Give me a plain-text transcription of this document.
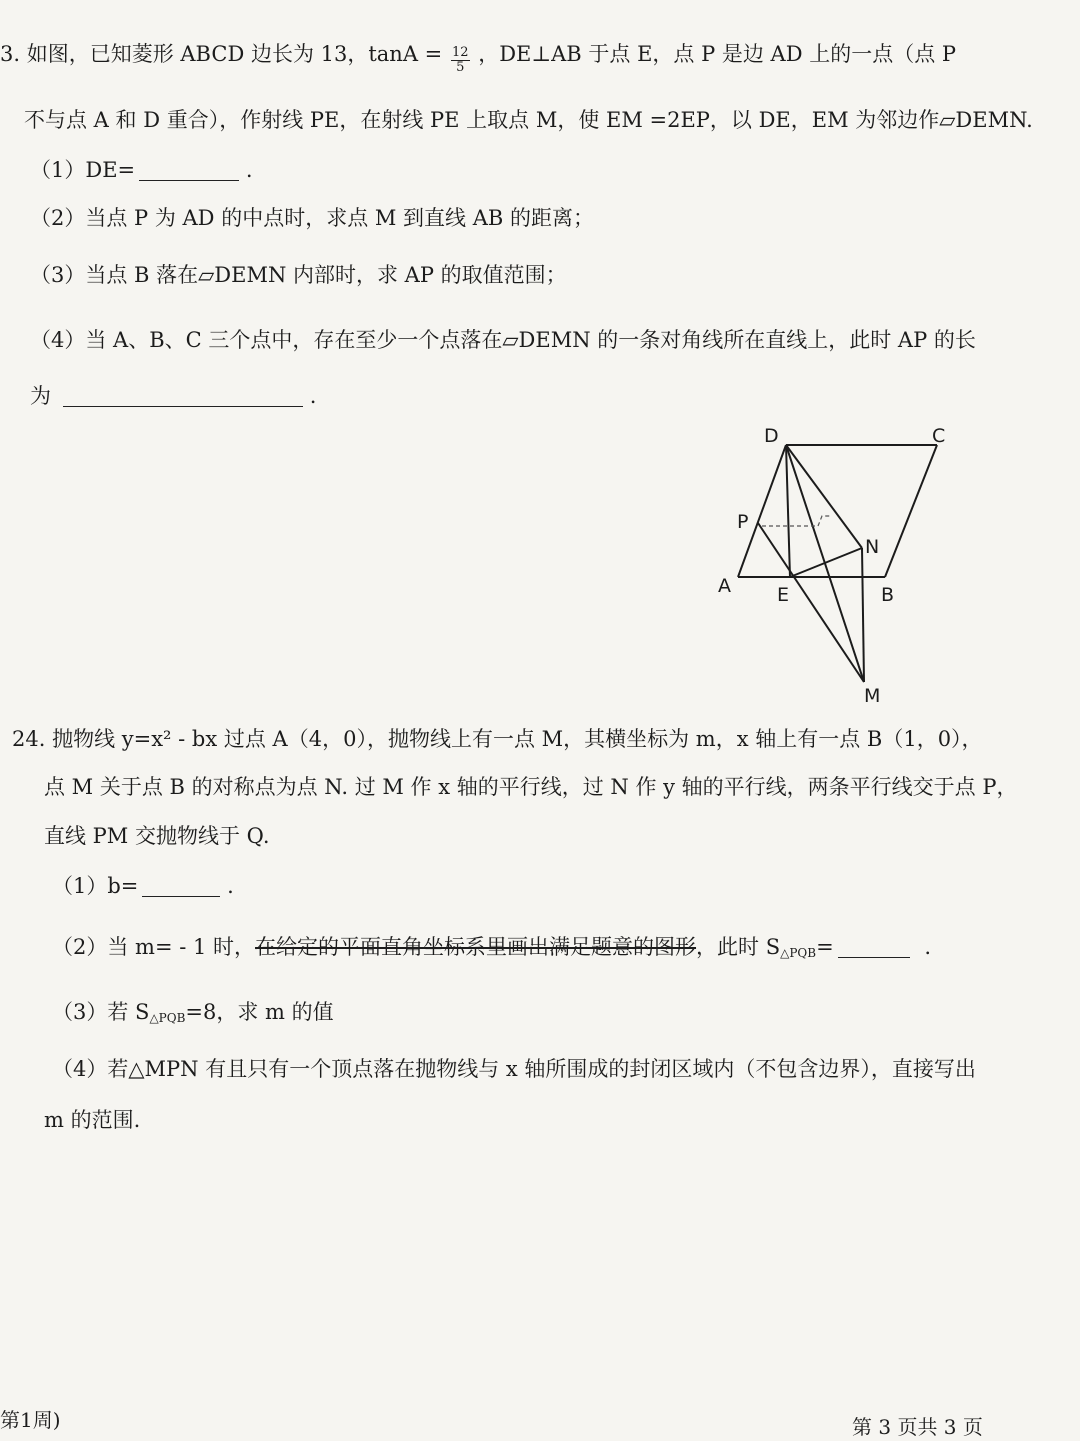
3. 如图，已知菱形 ABCD 边长为 13，$\tan A = \frac{12}{5}$ ，DE⊥AB 于点 E，点 P 是边 AD 上的一点（点 P
不与点 A 和 D 重合），作射线 PE，在射线 PE 上取点 M，使 EM =2EP，以 DE，EM 为邻边作▱DEMN.
（1）DE=	.
（2）当点 P 为 AD 的中点时，求点 M 到直线 AB 的距离；
（3）当点 B 落在▱DEMN 内部时，求 AP 的取值范围；
（4）当 A、B、C 三个点中，存在至少一个点落在▱DEMN 的一条对角线所在直线上，此时 AP 的长
为	.
D	C
P
N
A E	B
M
24. 抛物线 y=x² - bx 过点 A（4，0），抛物线上有一点 M，其横坐标为 m，x 轴上有一点 B（1，0），
点 M 关于点 B 的对称点为点 N. 过 M 作 x 轴的平行线，过 N 作 y 轴的平行线，两条平行线交于点 P，
直线 PM 交抛物线于 Q.
（1）b=	.
（2）当 m= - 1 时，在给定的平面直角坐标系里画出满足题意的图形，此时 $S_{\triangle PQB}=$	.
（3）若 $S_{\triangle PQB}=8$，求 m 的值
（4）若△MPN 有且只有一个顶点落在抛物线与 x 轴所围成的封闭区域内（不包含边界），直接写出
m 的范围.
第1周)	第 3 页共 3 页
